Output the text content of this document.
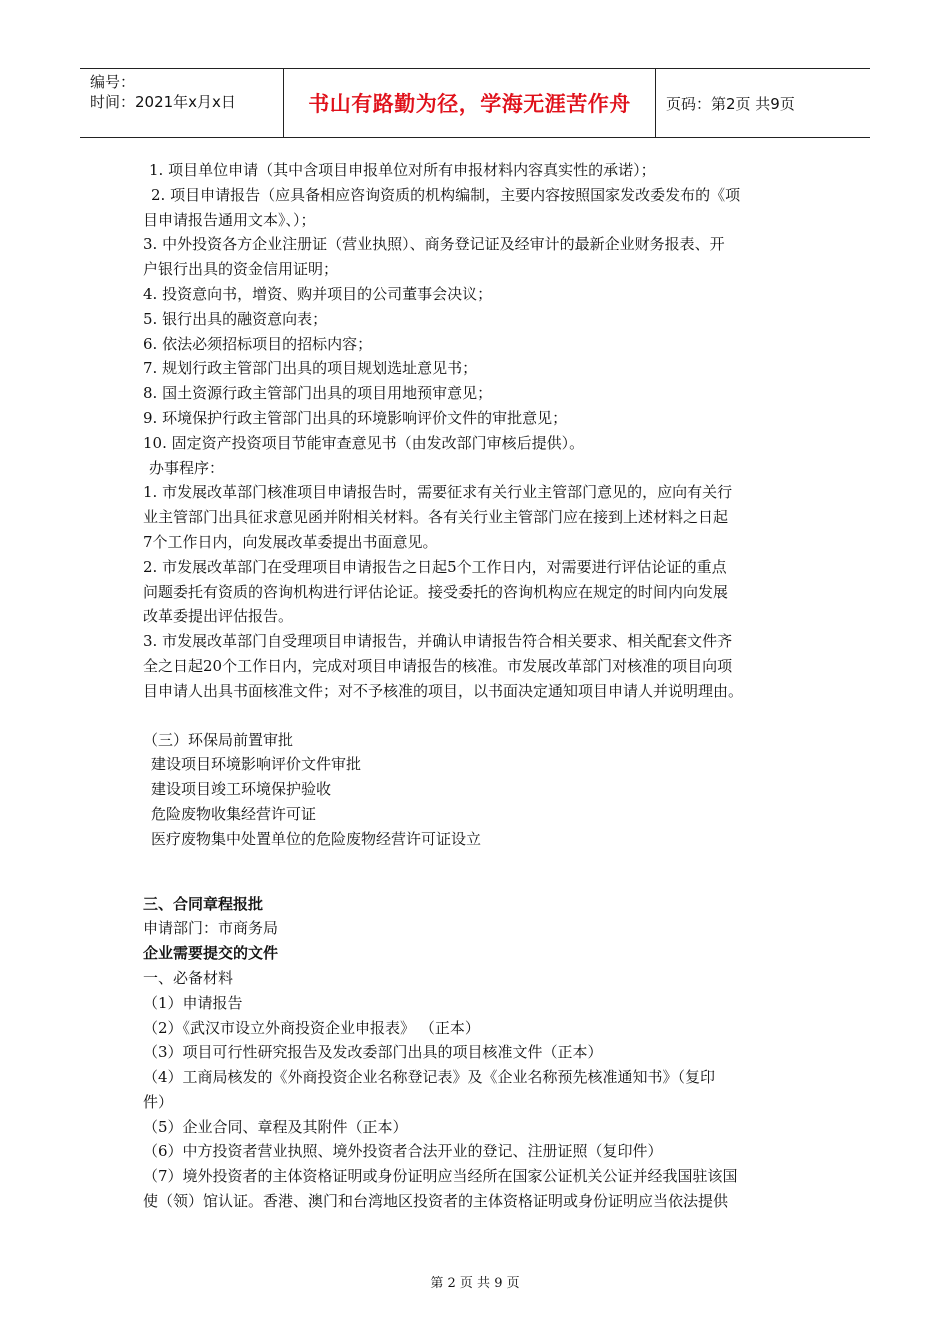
编号：
时间：2021年x月x日	书山有路勤为径，学海无涯苦作舟	页码：第2页 共9页

1. 项目单位申请（其中含项目申报单位对所有申报材料内容真实性的承诺）；

2. 项目申请报告（应具备相应咨询资质的机构编制，主要内容按照国家发改委发布的《项

目申请报告通用文本》、）；

3. 中外投资各方企业注册证（营业执照）、商务登记证及经审计的最新企业财务报表、开

户银行出具的资金信用证明；

4. 投资意向书，增资、购并项目的公司董事会决议；

5. 银行出具的融资意向表；

6. 依法必须招标项目的招标内容；

7. 规划行政主管部门出具的项目规划选址意见书；

8. 国土资源行政主管部门出具的项目用地预审意见；

9. 环境保护行政主管部门出具的环境影响评价文件的审批意见；

10. 固定资产投资项目节能审查意见书（由发改部门审核后提供）。

办事程序：

1. 市发展改革部门核准项目申请报告时，需要征求有关行业主管部门意见的，应向有关行

业主管部门出具征求意见函并附相关材料。各有关行业主管部门应在接到上述材料之日起

7个工作日内，向发展改革委提出书面意见。

2. 市发展改革部门在受理项目申请报告之日起5个工作日内，对需要进行评估论证的重点

问题委托有资质的咨询机构进行评估论证。接受委托的咨询机构应在规定的时间内向发展

改革委提出评估报告。

3. 市发展改革部门自受理项目申请报告，并确认申请报告符合相关要求、相关配套文件齐

全之日起20个工作日内，完成对项目申请报告的核准。市发展改革部门对核准的项目向项

目申请人出具书面核准文件；对不予核准的项目，以书面决定通知项目申请人并说明理由。

（三）环保局前置审批

建设项目环境影响评价文件审批

建设项目竣工环境保护验收

危险废物收集经营许可证

医疗废物集中处置单位的危险废物经营许可证设立

三、合同章程报批

申请部门：市商务局

企业需要提交的文件

一、必备材料

（1）申请报告

（2）《武汉市设立外商投资企业申报表》 （正本）

（3）项目可行性研究报告及发改委部门出具的项目核准文件（正本）

（4）工商局核发的《外商投资企业名称登记表》及《企业名称预先核准通知书》（复印

件）

（5）企业合同、章程及其附件（正本）

（6）中方投资者营业执照、境外投资者合法开业的登记、注册证照（复印件）

（7）境外投资者的主体资格证明或身份证明应当经所在国家公证机关公证并经我国驻该国

使（领）馆认证。香港、澳门和台湾地区投资者的主体资格证明或身份证明应当依法提供

第 2 页 共 9 页
